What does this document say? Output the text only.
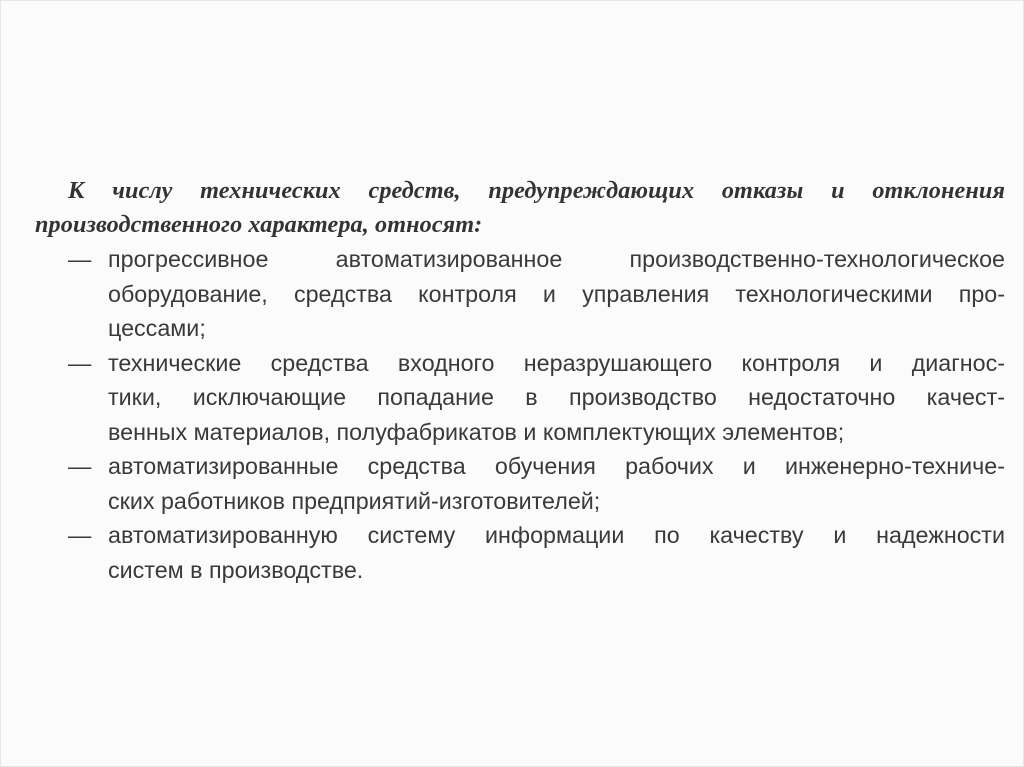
К числу технических средств, предупреждающих отказы и отклонения
производственного характера, относят:

— прогрессивное автоматизированное производственно-технологическое
оборудование, средства контроля и управления технологическими про-
цессами;
— технические средства входного неразрушающего контроля и диагнос-
тики, исключающие попадание в производство недостаточно качест-
венных материалов, полуфабрикатов и комплектующих элементов;
— автоматизированные средства обучения рабочих и инженерно-техниче-
ских работников предприятий-изготовителей;
— автоматизированную систему информации по качеству и надежности
систем в производстве.
